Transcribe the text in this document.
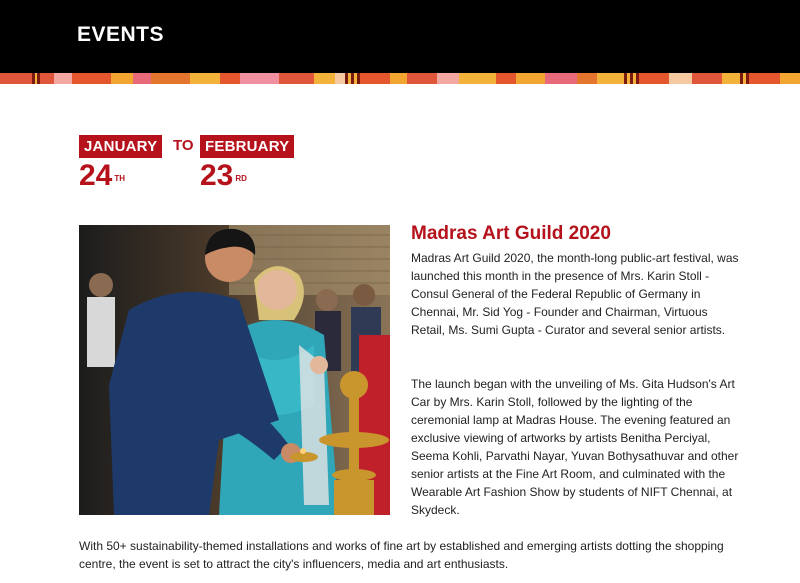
EVENTS
JANUARY
24 TH
TO FEBRUARY
23 RD
Madras Art Guild 2020

Madras Art Guild 2020, the month-long public-art festival, was launched this month in the presence of Mrs. Karin Stoll - Consul General of the Federal Republic of Germany in Chennai, Mr. Sid Yog - Founder and Chairman, Virtuous Retail, Ms. Sumi Gupta - Curator and several senior artists.

The launch began with the unveiling of Ms. Gita Hudson's Art Car by Mrs. Karin Stoll, followed by the lighting of the ceremonial lamp at Madras House. The evening featured an exclusive viewing of artworks by artists Benitha Perciyal, Seema Kohli, Parvathi Nayar, Yuvan Bothysathuvar and other senior artists at the Fine Art Room, and culminated with the Wearable Art Fashion Show by students of NIFT Chennai, at Skydeck.

With 50+ sustainability-themed installations and works of fine art by established and emerging artists dotting the shopping centre, the event is set to attract the city's influencers, media and art enthusiasts.
